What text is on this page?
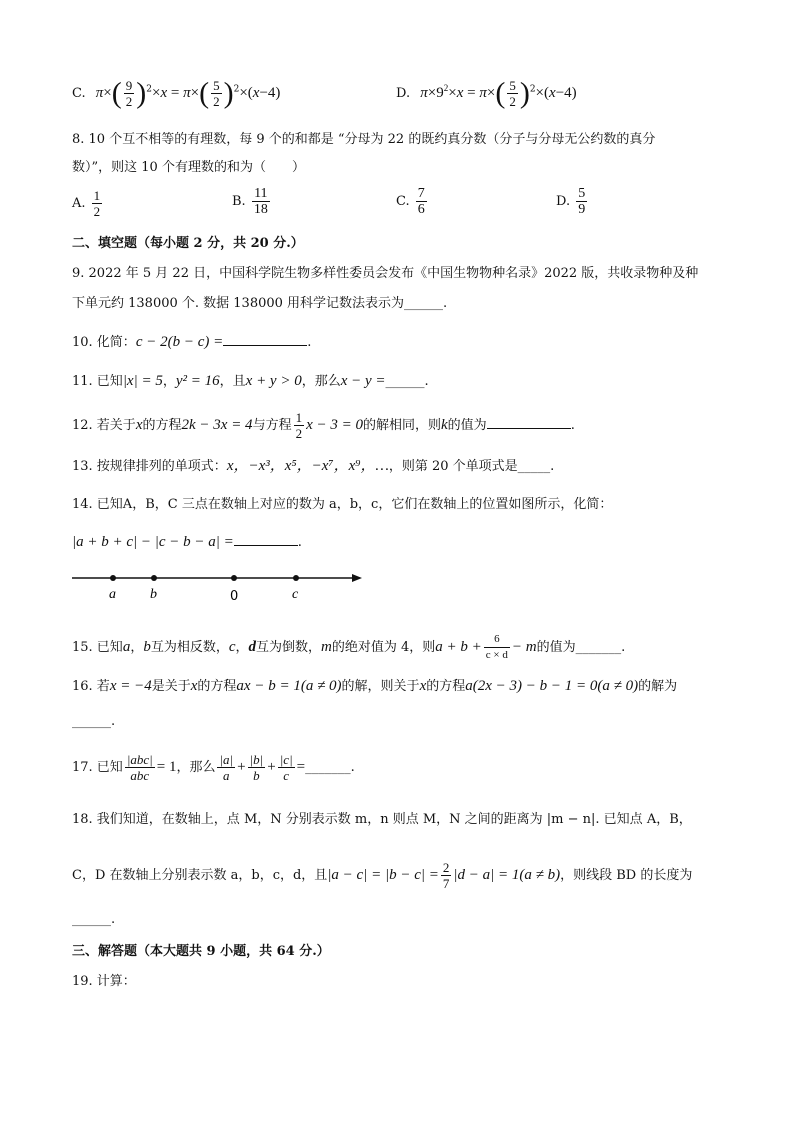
C. $\pi\times( \frac{9}{2} )^2\times x = \pi\times( \frac{5}{2} )^2\times(x-4)$	D. $\pi\times 9^2\times x = \pi\times( \frac{5}{2} )^2\times(x-4)$
8. 10 个互不相等的有理数，每 9 个的和都是 “分母为 22 的既约真分数（分子与分母无公约数的真分
数）”，则这 10 个有理数的和为（　　）
A. $\frac{1}{2}$	B. $\frac{11}{18}$	C. $\frac{7}{6}$	D. $\frac{5}{9}$
二、填空题（每小题 2 分，共 20 分.）
9. 2022 年 5 月 22 日，中国科学院生物多样性委员会发布《中国生物物种名录》2022 版，共收录物种及种
下单元约 138000 个. 数据 138000 用科学记数法表示为______.
10. 化简：c − 2(b − c) =	.
11. 已知|x| = 5，y² = 16，且x + y > 0，那么x − y =______.
12. 若关于x的方程2k − 3x = 4与方程 $\frac{1}{2}$ x − 3 = 0的解相同，则k的值为	.
13. 按规律排列的单项式：x，−x³，x⁵，−x⁷，x⁹，…，则第 20 个单项式是_____.
14. 已知A，B，C 三点在数轴上对应的数为 a，b，c，它们在数轴上的位置如图所示，化简：
|a + b + c| − |c − b − a| =	.
a b	0	c
15. 已知a，b互为相反数，c，d互为倒数，m的绝对值为 4，则$a + b + \frac{6}{c \times d} - m$的值为_______.
16. 若x = −4是关于x的方程ax − b = 1(a ≠ 0)的解，则关于x的方程a(2x − 3) − b − 1 = 0(a ≠ 0)的解为
______.
17. 已知 $\frac{\text{|abc|}}{\text{abc}} = 1$，那么 $\frac{|a|}{a} + \frac{|b|}{b} + \frac{|c|}{c}$ =_______.
18. 我们知道，在数轴上，点 M，N 分别表示数 m，n 则点 M，N 之间的距离为 |m − n|. 已知点 A，B，
C，D 在数轴上分别表示数 a，b，c，d，且$|a - c| = |b - c| = \frac{2}{7} |d - a| = 1(a \ne b)$，则线段 BD 的长度为
______.
三、解答题（本大题共 9 小题，共 64 分.）
19. 计算：
